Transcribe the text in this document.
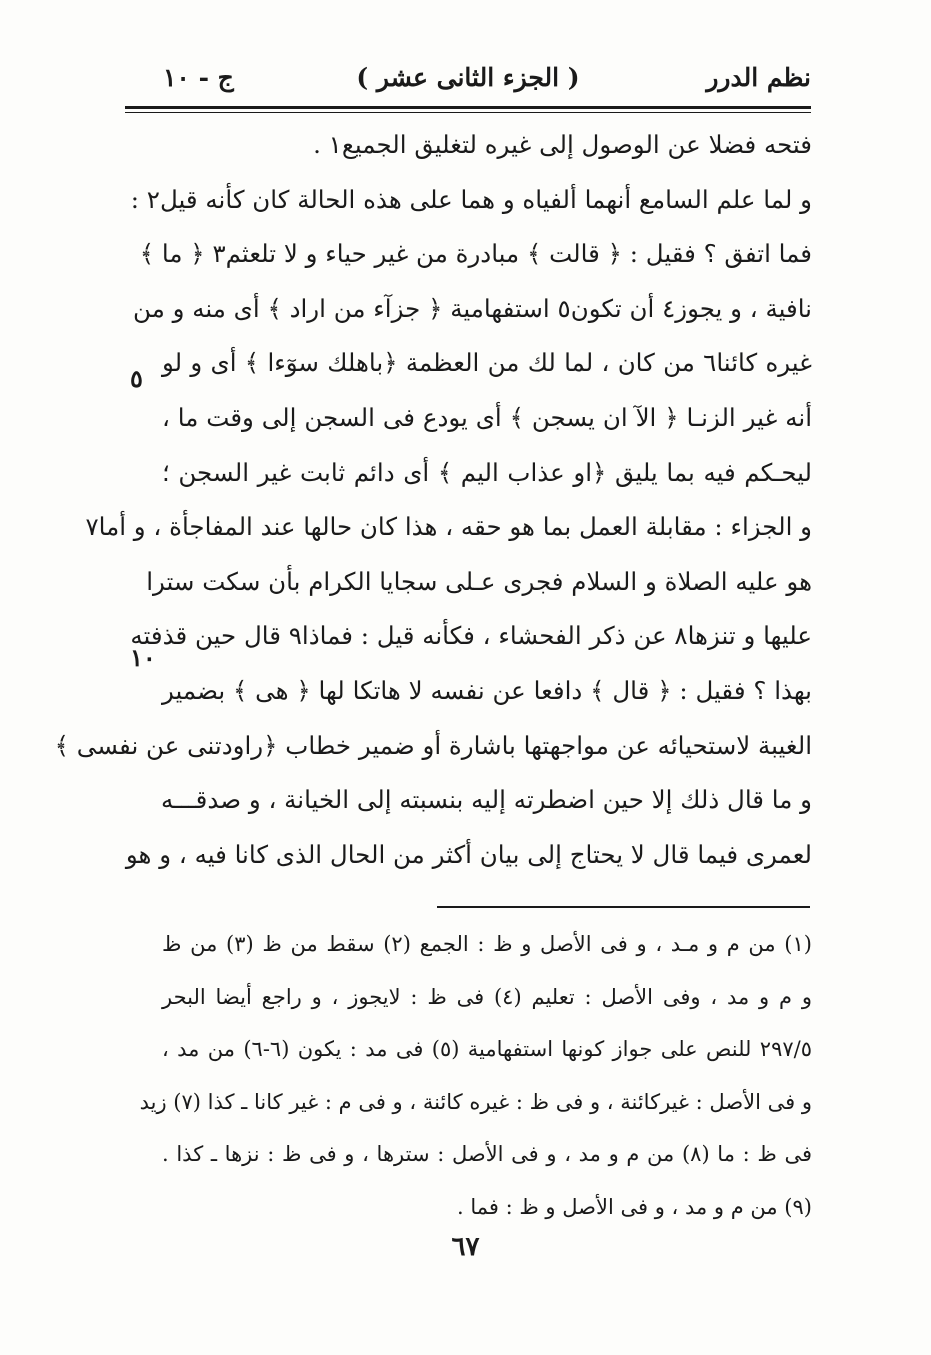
نظم الدرر
( الجزء الثانى عشر )
ج - ١٠
فتحه فضلا عن الوصول إلى غيره لتغليق الجميع١ .
و لما علم السامع أنهما ألفياه و هما على هذه الحالة كان كأنه قيل٢ :
فما اتفق ؟ فقيل : ﴿ قالت ﴾ مبادرة من غير حياء و لا تلعثم٣ ﴿ ما ﴾
نافية ، و يجوز٤ أن تكون٥ استفهامية ﴿ جزآء من اراد ﴾ أى منه و من
غيره كائنا٦ من كان ، لما لك من العظمة ﴿باهلك سوٓءا ﴾ أى و لو
أنه غير الزنـا ﴿ الآ ان يسجن ﴾ أى يودع فى السجن إلى وقت ما ،
ليحـكم فيه بما يليق ﴿او عذاب اليم ﴾ أى دائم ثابت غير السجن ؛
و الجزاء : مقابلة العمل بما هو حقه ، هذا كان حالها عند المفاجأة ، و أما٧
هو عليه الصلاة و السلام فجرى عـلى سجايا الكرام بأن سكت سترا
عليها و تنزها٨ عن ذكر الفحشاء ، فكأنه قيل : فماذا٩ قال حين قذفته
بهذا ؟ فقيل : ﴿ قال ﴾ دافعا عن نفسه لا هاتكا لها ﴿ هى ﴾ بضمير
الغيبة لاستحيائه عن مواجهتها باشارة أو ضمير خطاب ﴿راودتنى عن نفسى ﴾
و ما قال ذلك إلا حين اضطرته إليه بنسبته إلى الخيانة ، و صدقـــه
لعمرى فيما قال لا يحتاج إلى بيان أكثر من الحال الذى كانا فيه ، و هو
٥
١٠
(١) من م و مـد ، و فى الأصل و ظ : الجمع (٢) سقط من ظ (٣) من ظ
و م و مد ، وفى الأصل : تعليم (٤) فى ظ : لايجوز ، و راجع أيضا البحر
٢٩٧/٥ للنص على جواز كونها استفهامية (٥) فى مد : يكون (٦-٦) من مد ،
و فى الأصل : غيركائنة ، و فى ظ : غيره كائنة ، و فى م : غير كانا ـ كذا (٧) زيد
فى ظ : ما (٨) من م و مد ، و فى الأصل : سترها ، و فى ظ : نزها ـ كذا .
(٩) من م و مد ، و فى الأصل و ظ : فما .
٦٧
